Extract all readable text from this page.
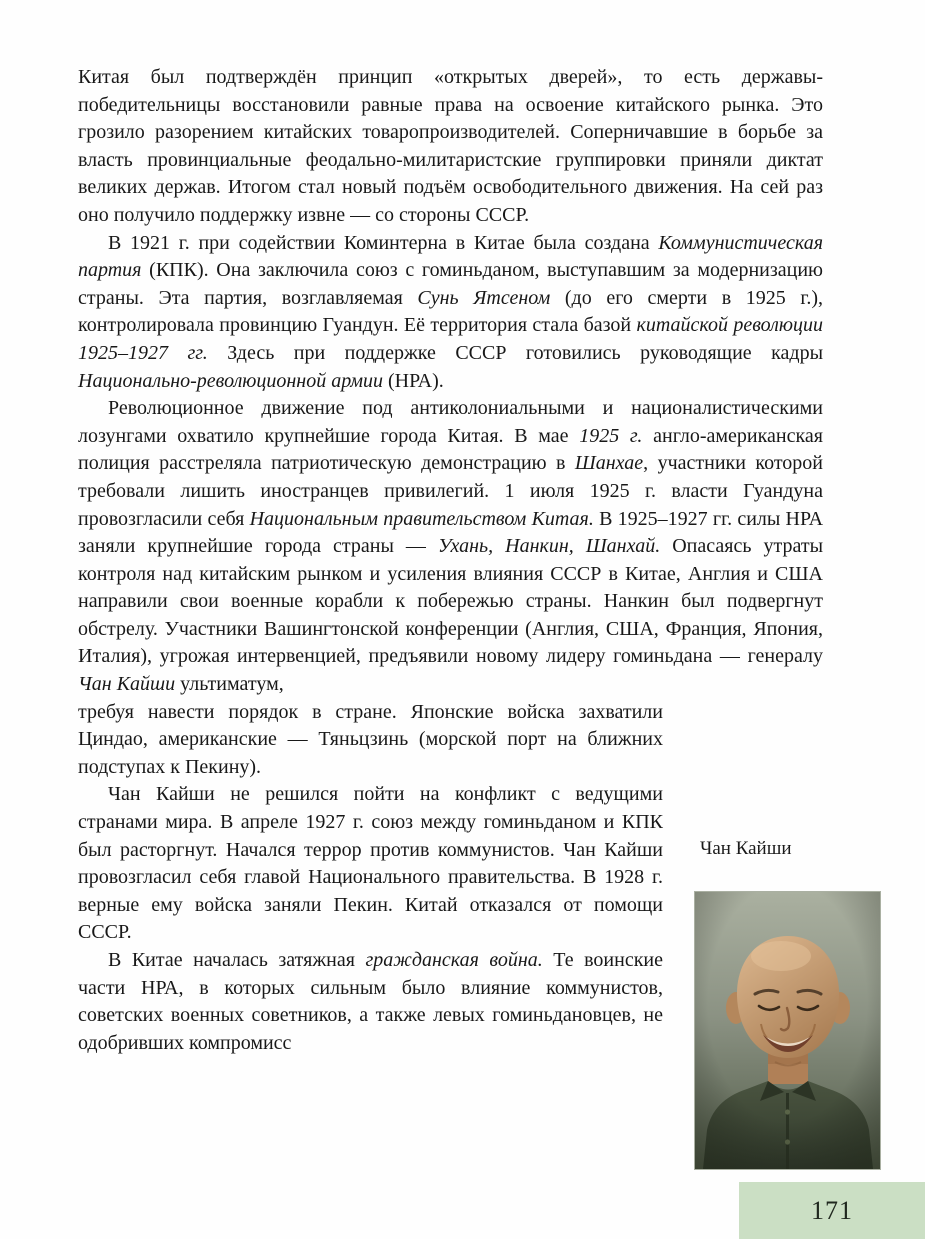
Китая был подтверждён принцип «открытых дверей», то есть державы-победительницы восстановили равные права на освоение китайского рынка. Это грозило разорением китайских товаропроизводителей. Соперничавшие в борьбе за власть провинциальные феодально-милитаристские группировки приняли диктат великих держав. Итогом стал новый подъём освободительного движения. На сей раз оно получило поддержку извне — со стороны СССР.

В 1921 г. при содействии Коминтерна в Китае была создана Коммунистическая партия (КПК). Она заключила союз с гоминьданом, выступавшим за модернизацию страны. Эта партия, возглавляемая Сунь Ятсеном (до его смерти в 1925 г.), контролировала провинцию Гуандун. Её территория стала базой китайской революции 1925–1927 гг. Здесь при поддержке СССР готовились руководящие кадры Национально-революционной армии (НРА).

Революционное движение под антиколониальными и националистическими лозунгами охватило крупнейшие города Китая. В мае 1925 г. англо-американская полиция расстреляла патриотическую демонстрацию в Шанхае, участники которой требовали лишить иностранцев привилегий. 1 июля 1925 г. власти Гуандуна провозгласили себя Национальным правительством Китая. В 1925–1927 гг. силы НРА заняли крупнейшие города страны — Ухань, Нанкин, Шанхай. Опасаясь утраты контроля над китайским рынком и усиления влияния СССР в Китае, Англия и США направили свои военные корабли к побережью страны. Нанкин был подвергнут обстрелу. Участники Вашингтонской конференции (Англия, США, Франция, Япония, Италия), угрожая интервенцией, предъявили новому лидеру гоминьдана — генералу Чан Кайши ультиматум,

требуя навести порядок в стране. Японские войска захватили Циндао, американские — Тяньцзинь (морской порт на ближних подступах к Пекину).

Чан Кайши не решился пойти на конфликт с ведущими странами мира. В апреле 1927 г. союз между гоминьданом и КПК был расторгнут. Начался террор против коммунистов. Чан Кайши провозгласил себя главой Национального правительства. В 1928 г. верные ему войска заняли Пекин. Китай отказался от помощи СССР.

В Китае началась затяжная гражданская война. Те воинские части НРА, в которых сильным было влияние коммунистов, советских военных советников, а также левых гоминьдановцев, не одобривших компромисс

Чан Кайши
171
